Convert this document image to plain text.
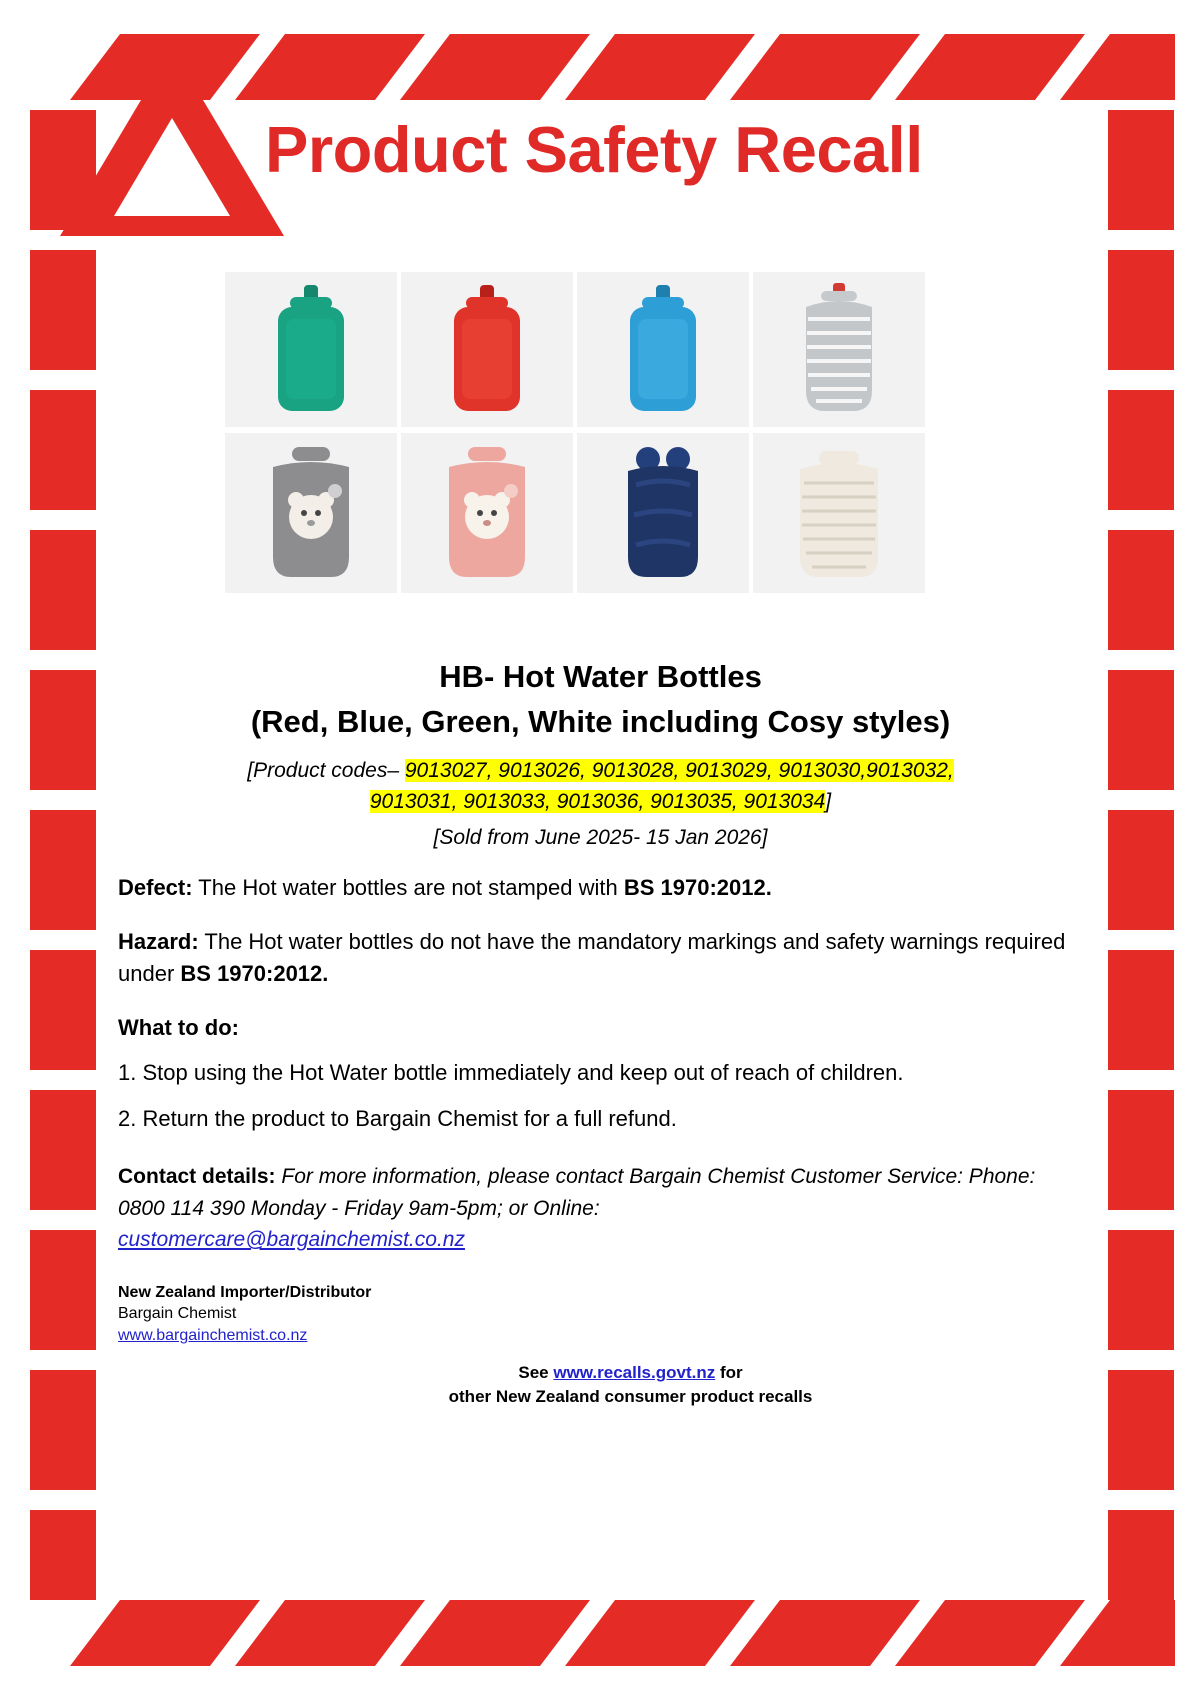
Product Safety Recall
HB- Hot Water Bottles
(Red, Blue, Green, White including Cosy styles)
[Product codes– 9013027, 9013026, 9013028, 9013029, 9013030,9013032,
9013031, 9013033, 9013036, 9013035, 9013034]
[Sold from June 2025- 15 Jan 2026]

Defect: The Hot water bottles are not stamped with BS 1970:2012.

Hazard: The Hot water bottles do not have the mandatory markings and safety warnings required under BS 1970:2012.

What to do:

1. Stop using the Hot Water bottle immediately and keep out of reach of children.

2. Return the product to Bargain Chemist for a full refund.

Contact details: For more information, please contact Bargain Chemist Customer Service: Phone: 0800 114 390 Monday - Friday 9am-5pm; or Online:
customercare@bargainchemist.co.nz

New Zealand Importer/Distributor
Bargain Chemist
www.bargainchemist.co.nz
See www.recalls.govt.nz for
other New Zealand consumer product recalls
